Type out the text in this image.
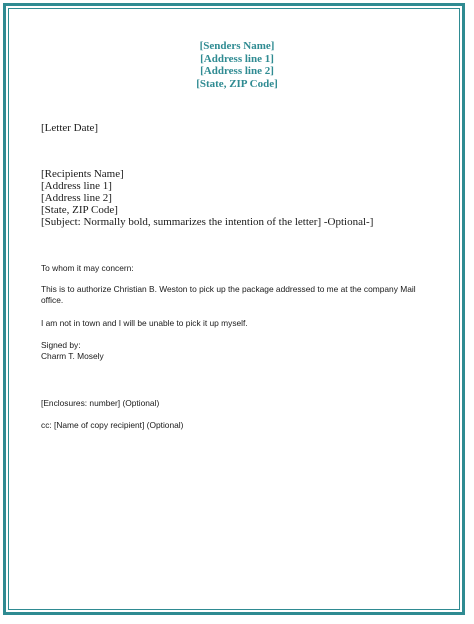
[Senders Name]
[Address line 1]
[Address line 2]
[State, ZIP Code]
[Letter Date]
[Recipients Name]
[Address line 1]
[Address line 2]
[State, ZIP Code]
[Subject: Normally bold, summarizes the intention of the letter] -Optional-]
To whom it may concern:
This is to authorize Christian B. Weston to pick up the package addressed to me at the company Mail
office.
I am not in town and I will be unable to pick it up myself.
Signed by:
Charm T. Mosely
[Enclosures: number] (Optional)
cc: [Name of copy recipient] (Optional)
